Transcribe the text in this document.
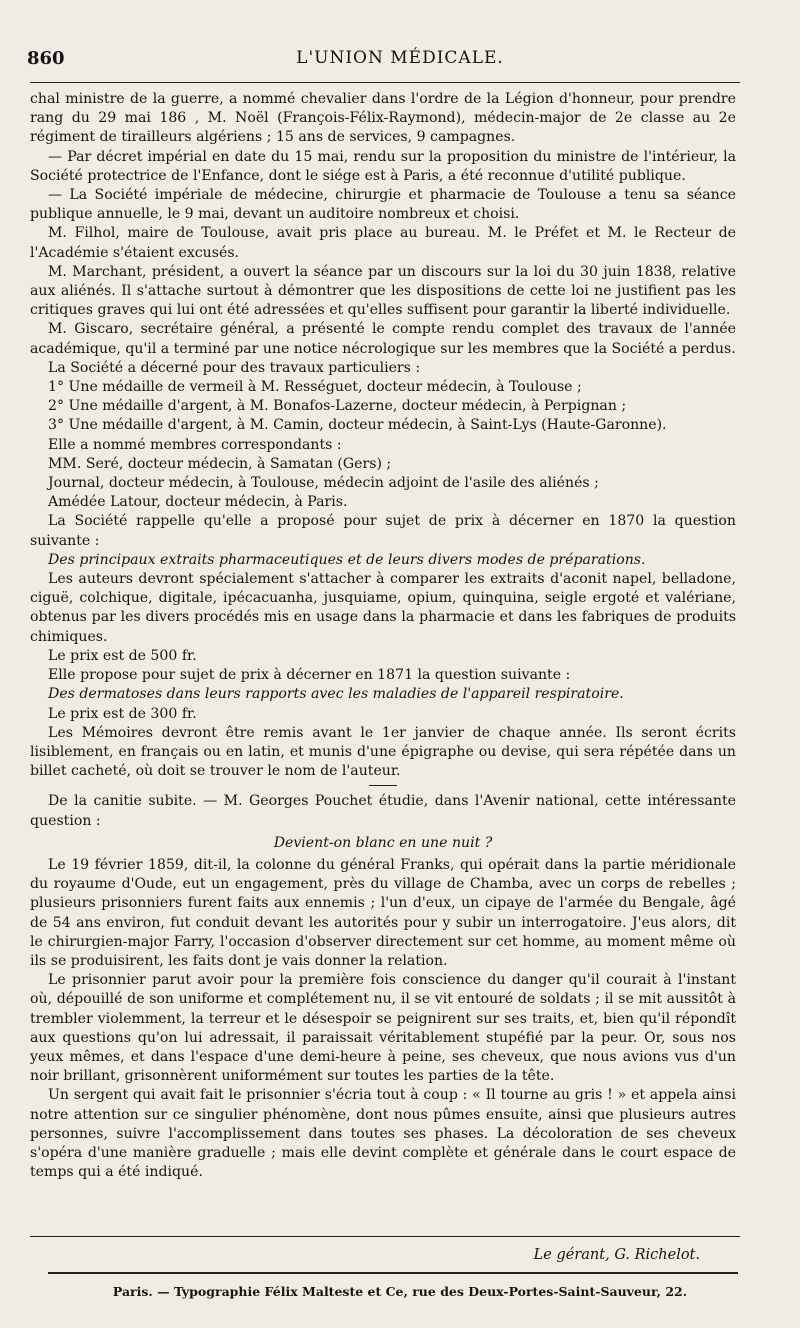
860	L'UNION MÉDICALE.

chal ministre de la guerre, a nommé chevalier dans l'ordre de la Légion d'honneur, pour prendre rang du 29 mai 186 , M. Noël (François-Félix-Raymond), médecin-major de 2e classe au 2e régiment de tirailleurs algériens ; 15 ans de services, 9 campagnes.

— Par décret impérial en date du 15 mai, rendu sur la proposition du ministre de l'intérieur, la Société protectrice de l'Enfance, dont le siége est à Paris, a été reconnue d'utilité publique.

— La Société impériale de médecine, chirurgie et pharmacie de Toulouse a tenu sa séance publique annuelle, le 9 mai, devant un auditoire nombreux et choisi.

M. Filhol, maire de Toulouse, avait pris place au bureau. M. le Préfet et M. le Recteur de l'Académie s'étaient excusés.

M. Marchant, président, a ouvert la séance par un discours sur la loi du 30 juin 1838, relative aux aliénés. Il s'attache surtout à démontrer que les dispositions de cette loi ne justifient pas les critiques graves qui lui ont été adressées et qu'elles suffisent pour garantir la liberté individuelle.

M. Giscaro, secrétaire général, a présenté le compte rendu complet des travaux de l'année académique, qu'il a terminé par une notice nécrologique sur les membres que la Société a perdus.

La Société a décerné pour des travaux particuliers :

1° Une médaille de vermeil à M. Rességuet, docteur médecin, à Toulouse ;

2° Une médaille d'argent, à M. Bonafos-Lazerne, docteur médecin, à Perpignan ;

3° Une médaille d'argent, à M. Camin, docteur médecin, à Saint-Lys (Haute-Garonne).

Elle a nommé membres correspondants :

MM. Seré, docteur médecin, à Samatan (Gers) ;

Journal, docteur médecin, à Toulouse, médecin adjoint de l'asile des aliénés ;

Amédée Latour, docteur médecin, à Paris.

La Société rappelle qu'elle a proposé pour sujet de prix à décerner en 1870 la question suivante :

Des principaux extraits pharmaceutiques et de leurs divers modes de préparations.

Les auteurs devront spécialement s'attacher à comparer les extraits d'aconit napel, belladone, ciguë, colchique, digitale, ipécacuanha, jusquiame, opium, quinquina, seigle ergoté et valériane, obtenus par les divers procédés mis en usage dans la pharmacie et dans les fabriques de produits chimiques.

Le prix est de 500 fr.

Elle propose pour sujet de prix à décerner en 1871 la question suivante :

Des dermatoses dans leurs rapports avec les maladies de l'appareil respiratoire.

Le prix est de 300 fr.

Les Mémoires devront être remis avant le 1er janvier de chaque année. Ils seront écrits lisiblement, en français ou en latin, et munis d'une épigraphe ou devise, qui sera répétée dans un billet cacheté, où doit se trouver le nom de l'auteur.

De la canitie subite. — M. Georges Pouchet étudie, dans l'Avenir national, cette intéressante question :

Devient-on blanc en une nuit ?

Le 19 février 1859, dit-il, la colonne du général Franks, qui opérait dans la partie méridionale du royaume d'Oude, eut un engagement, près du village de Chamba, avec un corps de rebelles ; plusieurs prisonniers furent faits aux ennemis ; l'un d'eux, un cipaye de l'armée du Bengale, âgé de 54 ans environ, fut conduit devant les autorités pour y subir un interrogatoire. J'eus alors, dit le chirurgien-major Farry, l'occasion d'observer directement sur cet homme, au moment même où ils se produisirent, les faits dont je vais donner la relation.

Le prisonnier parut avoir pour la première fois conscience du danger qu'il courait à l'instant où, dépouillé de son uniforme et complétement nu, il se vit entouré de soldats ; il se mit aussitôt à trembler violemment, la terreur et le désespoir se peignirent sur ses traits, et, bien qu'il répondît aux questions qu'on lui adressait, il paraissait véritablement stupéfié par la peur. Or, sous nos yeux mêmes, et dans l'espace d'une demi-heure à peine, ses cheveux, que nous avions vus d'un noir brillant, grisonnèrent uniformément sur toutes les parties de la tête.

Un sergent qui avait fait le prisonnier s'écria tout à coup : « Il tourne au gris ! » et appela ainsi notre attention sur ce singulier phénomène, dont nous pûmes ensuite, ainsi que plusieurs autres personnes, suivre l'accomplissement dans toutes ses phases. La décoloration de ses cheveux s'opéra d'une manière graduelle ; mais elle devint complète et générale dans le court espace de temps qui a été indiqué.

Le gérant, G. Richelot.
Paris. — Typographie Félix Malteste et Ce, rue des Deux-Portes-Saint-Sauveur, 22.
